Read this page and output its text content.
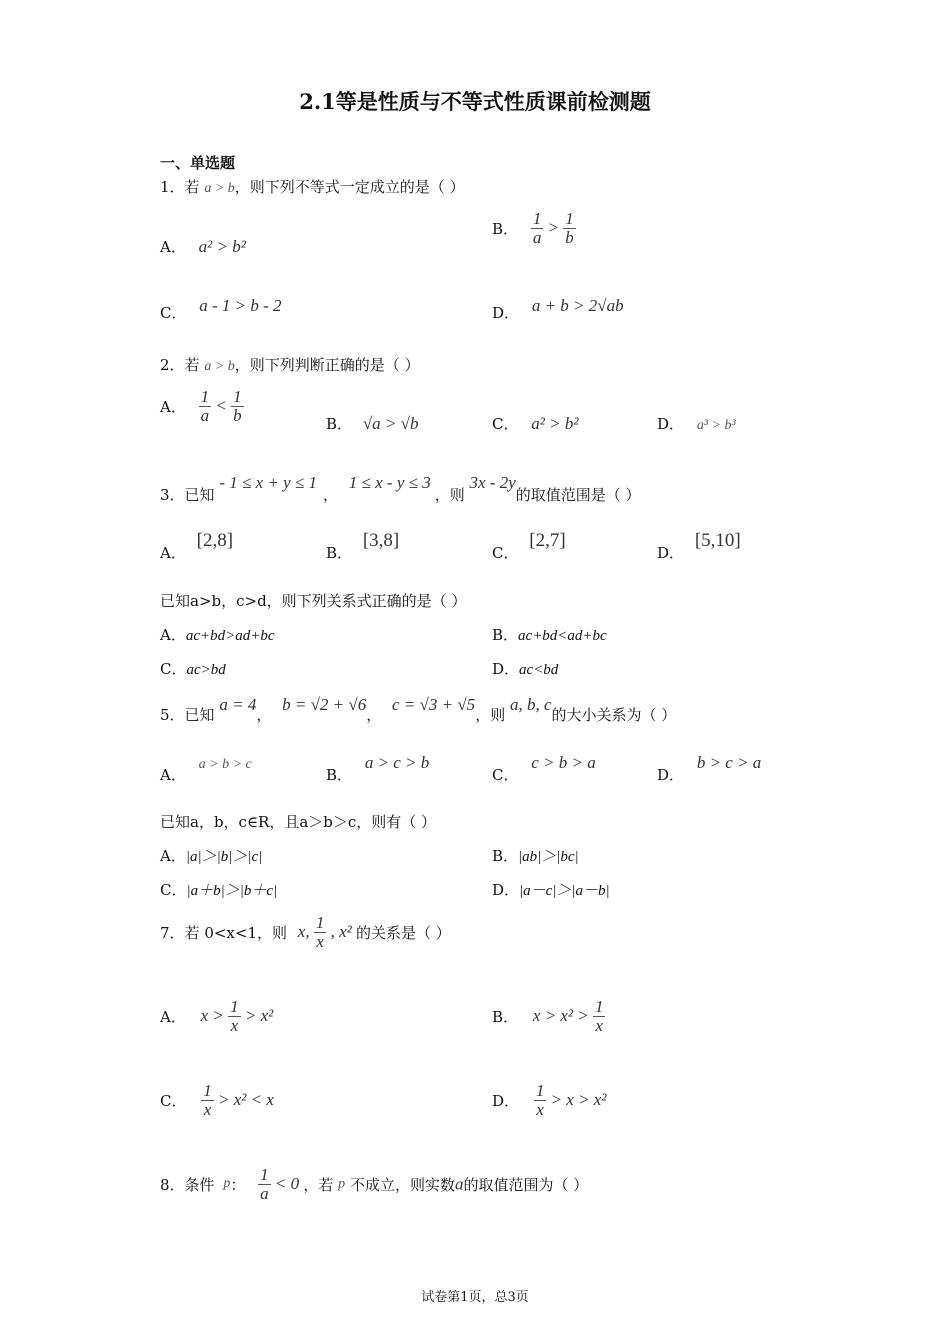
2.1等是性质与不等式性质课前检测题
一、单选题
1．若 a > b，则下列不等式一定成立的是（ ）
A． a² > b²
B． $\frac{1}{a} > \frac{1}{b}$
C． a - 1 > b - 2	D． a + b > 2√ab
2．若 a > b，则下列判断正确的是（ ）
A． $\frac{1}{a} < \frac{1}{b}$	B． √a > √b	C． a² > b²	D． a³ > b³
3．已知 - 1 ≤ x + y ≤ 1， 1 ≤ x - y ≤ 3，则 3x - 2y的取值范围是（ ）
A． [2,8]
B． [3,8]
C． [2,7]
D． [5,10]
已知a>b，c>d，则下列关系式正确的是（ ）
A．ac+bd>ad+bc	B．ac+bd<ad+bc
C．ac>bd	D．ac<bd
5．已知 a = 4， b = √2 + √6， c = √3 + √5，则 a, b, c的大小关系为（ ）
A． a > b > c
B． a > c > b
C． c > b > a
D． b > c > a
已知a，b，c∈R，且a＞b＞c，则有（ ）
A．|a|＞|b|＞|c|	B．|ab|＞|bc|
C．|a＋b|＞|b＋c|	D．|a－c|＞|a－b|
7．若 0<x<1，则 x, $\frac{1}{x}$ , x² 的关系是（ ）
A． $x > \frac{1}{x} > x^2$	B． $x > x^2 > \frac{1}{x}$
C． $\frac{1}{x} > x^2 < x$	D． $\frac{1}{x} > x > x^2$
8．条件 p： $\frac{1}{a} < 0$ ，若 p 不成立，则实数a的取值范围为（ ）
试卷第1页，总3页
